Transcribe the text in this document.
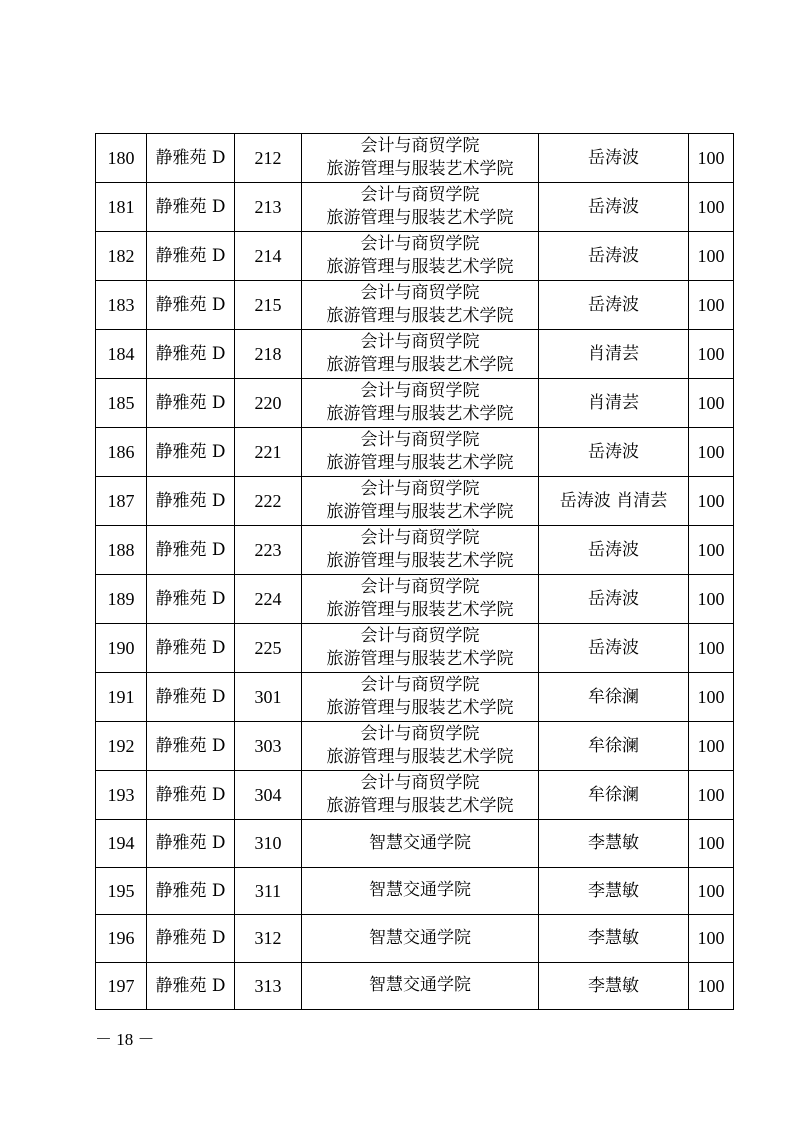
180	静雅苑 D	212	会计与商贸学院
旅游管理与服装艺术学院	岳涛波	100
181	静雅苑 D	213	会计与商贸学院
旅游管理与服装艺术学院	岳涛波	100
182	静雅苑 D	214	会计与商贸学院
旅游管理与服装艺术学院	岳涛波	100
183	静雅苑 D	215	会计与商贸学院
旅游管理与服装艺术学院	岳涛波	100
184	静雅苑 D	218	会计与商贸学院
旅游管理与服装艺术学院	肖清芸	100
185	静雅苑 D	220	会计与商贸学院
旅游管理与服装艺术学院	肖清芸	100
186	静雅苑 D	221	会计与商贸学院
旅游管理与服装艺术学院	岳涛波	100
187	静雅苑 D	222	会计与商贸学院
旅游管理与服装艺术学院	岳涛波 肖清芸	100
188	静雅苑 D	223	会计与商贸学院
旅游管理与服装艺术学院	岳涛波	100
189	静雅苑 D	224	会计与商贸学院
旅游管理与服装艺术学院	岳涛波	100
190	静雅苑 D	225	会计与商贸学院
旅游管理与服装艺术学院	岳涛波	100
191	静雅苑 D	301	会计与商贸学院
旅游管理与服装艺术学院	牟徐澜	100
192	静雅苑 D	303	会计与商贸学院
旅游管理与服装艺术学院	牟徐澜	100
193	静雅苑 D	304	会计与商贸学院
旅游管理与服装艺术学院	牟徐澜	100
194	静雅苑 D	310	智慧交通学院	李慧敏	100
195	静雅苑 D	311	智慧交通学院	李慧敏	100
196	静雅苑 D	312	智慧交通学院	李慧敏	100
197	静雅苑 D	313	智慧交通学院	李慧敏	100
－ 18 －
